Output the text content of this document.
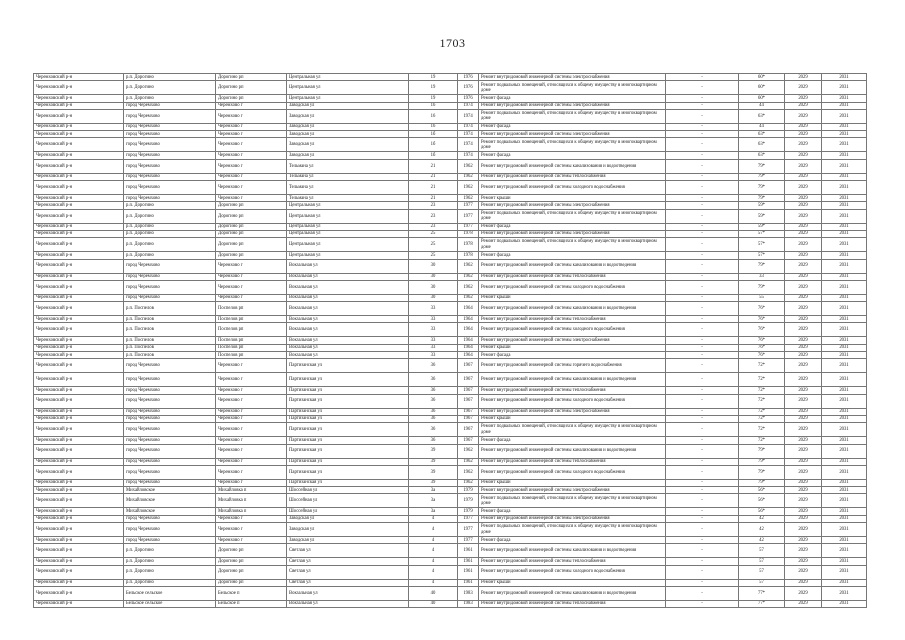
1703
Черемховский р-н	р.п. Дорогино	Дорогино рп	Центральная ул	19	1976	Ремонт внутридомовой инженерной системы электроснабжения	-	60*	2029	2031
Черемховский р-н	р.п. Дорогино	Дорогино рп	Центральная ул	19	1976	Ремонт подвальных помещений, относящихся к общему имуществу в многоквартирном доме	-	60*	2029	2031
Черемховский р-н	р.п. Дорогино	Дорогино рп	Центральная ул	19	1976	Ремонт фасада	-	60*	2029	2031
Черемховский р-н	город Черемхово	Черемхово г	Заводская ул	16	1974	Ремонт внутридомовой инженерной системы электроснабжения	-	44	2029	2031
Черемховский р-н	город Черемхово	Черемхово г	Заводская ул	16	1974	Ремонт подвальных помещений, относящихся к общему имуществу в многоквартирном доме	-	63*	2029	2031
Черемховский р-н	город Черемхово	Черемхово г	Заводская ул	16	1974	Ремонт фасада	-	44	2029	2031
Черемховский р-н	город Черемхово	Черемхово г	Заводская ул	1б	1974	Ремонт внутридомовой инженерной системы электроснабжения	-	63*	2029	2031
Черемховский р-н	город Черемхово	Черемхово г	Заводская ул	1б	1974	Ремонт подвальных помещений, относящихся к общему имуществу в многоквартирном доме	-	63*	2029	2031
Черемховский р-н	город Черемхово	Черемхово г	Заводская ул	1б	1974	Ремонт фасада	-	63*	2029	2031
Черемховский р-н	город Черемхово	Черемхово г	Тельмана ул	21	1962	Ремонт внутридомовой инженерной системы канализования и водоотведения	-	79*	2029	2031
Черемховский р-н	город Черемхово	Черемхово г	Тельмана ул	21	1962	Ремонт внутридомовой инженерной системы теплоснабжения	-	79*	2029	2031
Черемховский р-н	город Черемхово	Черемхово г	Тельмана ул	21	1962	Ремонт внутридомовой инженерной системы холодного водоснабжения	-	79*	2029	2031
Черемховский р-н	город Черемхово	Черемхово г	Тельмана ул	21	1962	Ремонт крыши	-	79*	2029	2031
Черемховский р-н	р.п. Дорогино	Дорогино рп	Центральная ул	23	1977	Ремонт внутридомовой инженерной системы электроснабжения	-	59*	2029	2031
Черемховский р-н	р.п. Дорогино	Дорогино рп	Центральная ул	23	1977	Ремонт подвальных помещений, относящихся к общему имуществу в многоквартирном доме	-	59*	2029	2031
Черемховский р-н	р.п. Дорогино	Дорогино рп	Центральная ул	23	1977	Ремонт фасада	-	59*	2029	2031
Черемховский р-н	р.п. Дорогино	Дорогино рп	Центральная ул	25	1978	Ремонт внутридомовой инженерной системы электроснабжения	-	57*	2029	2031
Черемховский р-н	р.п. Дорогино	Дорогино рп	Центральная ул	25	1978	Ремонт подвальных помещений, относящихся к общему имуществу в многоквартирном доме	-	57*	2029	2031
Черемховский р-н	р.п. Дорогино	Дорогино рп	Центральная ул	25	1978	Ремонт фасада	-	57*	2029	2031
Черемховский р-н	город Черемхово	Черемхово г	Вокзальная ул	30	1962	Ремонт внутридомовой инженерной системы канализования и водоотведения	-	79*	2029	2031
Черемховский р-н	город Черемхово	Черемхово г	Вокзальная ул	30	1962	Ремонт внутридомовой инженерной системы теплоснабжения	-	33	2029	2031
Черемховский р-н	город Черемхово	Черемхово г	Вокзальная ул	30	1962	Ремонт внутридомовой инженерной системы холодного водоснабжения	-	79*	2029	2031
Черемховский р-н	город Черемхово	Черемхово г	Вокзальная ул	30	1962	Ремонт крыши	-	55	2029	2031
Черемховский р-н	р.п. Поспелов	Поспелов рп	Вокзальная ул	33	1964	Ремонт внутридомовой инженерной системы канализования и водоотведения	-	76*	2029	2031
Черемховский р-н	р.п. Поспелов	Поспелов рп	Вокзальная ул	33	1964	Ремонт внутридомовой инженерной системы теплоснабжения	-	76*	2029	2031
Черемховский р-н	р.п. Поспелов	Поспелов рп	Вокзальная ул	33	1964	Ремонт внутридомовой инженерной системы холодного водоснабжения	-	76*	2029	2031
Черемховский р-н	р.п. Поспелов	Поспелов рп	Вокзальная ул	33	1964	Ремонт внутридомовой инженерной системы электроснабжения	-	76*	2029	2031
Черемховский р-н	р.п. Поспелов	Поспелов рп	Вокзальная ул	33	1964	Ремонт крыши	-	76*	2029	2031
Черемховский р-н	р.п. Поспелов	Поспелов рп	Вокзальная ул	33	1964	Ремонт фасада	-	76*	2029	2031
Черемховский р-н	город Черемхово	Черемхово г	Партизанская ул	36	1967	Ремонт внутридомовой инженерной системы горячего водоснабжения	-	72*	2029	2031
Черемховский р-н	город Черемхово	Черемхово г	Партизанская ул	36	1967	Ремонт внутридомовой инженерной системы канализования и водоотведения	-	72*	2029	2031
Черемховский р-н	город Черемхово	Черемхово г	Партизанская ул	36	1967	Ремонт внутридомовой инженерной системы теплоснабжения	-	72*	2029	2031
Черемховский р-н	город Черемхово	Черемхово г	Партизанская ул	36	1967	Ремонт внутридомовой инженерной системы холодного водоснабжения	-	72*	2029	2031
Черемховский р-н	город Черемхово	Черемхово г	Партизанская ул	36	1967	Ремонт внутридомовой инженерной системы электроснабжения	-	72*	2029	2031
Черемховский р-н	город Черемхово	Черемхово г	Партизанская ул	36	1967	Ремонт крыши	-	72*	2029	2031
Черемховский р-н	город Черемхово	Черемхово г	Партизанская ул	36	1967	Ремонт подвальных помещений, относящихся к общему имуществу в многоквартирном доме	-	72*	2029	2031
Черемховский р-н	город Черемхово	Черемхово г	Партизанская ул	36	1967	Ремонт фасада	-	72*	2029	2031
Черемховский р-н	город Черемхово	Черемхово г	Партизанская ул	39	1962	Ремонт внутридомовой инженерной системы канализования и водоотведения	-	79*	2029	2031
Черемховский р-н	город Черемхово	Черемхово г	Партизанская ул	39	1962	Ремонт внутридомовой инженерной системы теплоснабжения	-	79*	2029	2031
Черемховский р-н	город Черемхово	Черемхово г	Партизанская ул	39	1962	Ремонт внутридомовой инженерной системы холодного водоснабжения	-	79*	2029	2031
Черемховский р-н	город Черемхово	Черемхово г	Партизанская ул	39	1962	Ремонт крыши	-	79*	2029	2031
Черемховский р-н	Михайловское	Михайловка п	Шоссейная ул	3а	1979	Ремонт внутридомовой инженерной системы электроснабжения	-	56*	2029	2031
Черемховский р-н	Михайловское	Михайловка п	Шоссейная ул	3а	1979	Ремонт подвальных помещений, относящихся к общему имуществу в многоквартирном доме	-	56*	2029	2031
Черемховский р-н	Михайловское	Михайловка п	Шоссейная ул	3а	1979	Ремонт фасада	-	56*	2029	2031
Черемховский р-н	город Черемхово	Черемхово г	Заводская ул	4	1977	Ремонт внутридомовой инженерной системы электроснабжения	-	42	2029	2031
Черемховский р-н	город Черемхово	Черемхово г	Заводская ул	4	1977	Ремонт подвальных помещений, относящихся к общему имуществу в многоквартирном доме	-	42	2029	2031
Черемховский р-н	город Черемхово	Черемхово г	Заводская ул	4	1977	Ремонт фасада	-	42	2029	2031
Черемховский р-н	р.п. Дорогино	Дорогино рп	Светлая ул	4	1961	Ремонт внутридомовой инженерной системы канализования и водоотведения	-	57	2029	2031
Черемховский р-н	р.п. Дорогино	Дорогино рп	Светлая ул	4	1961	Ремонт внутридомовой инженерной системы теплоснабжения	-	57	2029	2031
Черемховский р-н	р.п. Дорогино	Дорогино рп	Светлая ул	4	1961	Ремонт внутридомовой инженерной системы холодного водоснабжения	-	57	2029	2031
Черемховский р-н	р.п. Дорогино	Дорогино рп	Светлая ул	4	1961	Ремонт крыши	-	57	2029	2031
Черемховский р-н	Бельское сельское	Бельское п	Вокзальная ул	40	1983	Ремонт внутридомовой инженерной системы канализования и водоотведения	-	77*	2029	2031
Черемховский р-н	Бельское сельское	Бельское п	Вокзальная ул	40	1983	Ремонт внутридомовой инженерной системы теплоснабжения	-	77*	2029	2031
